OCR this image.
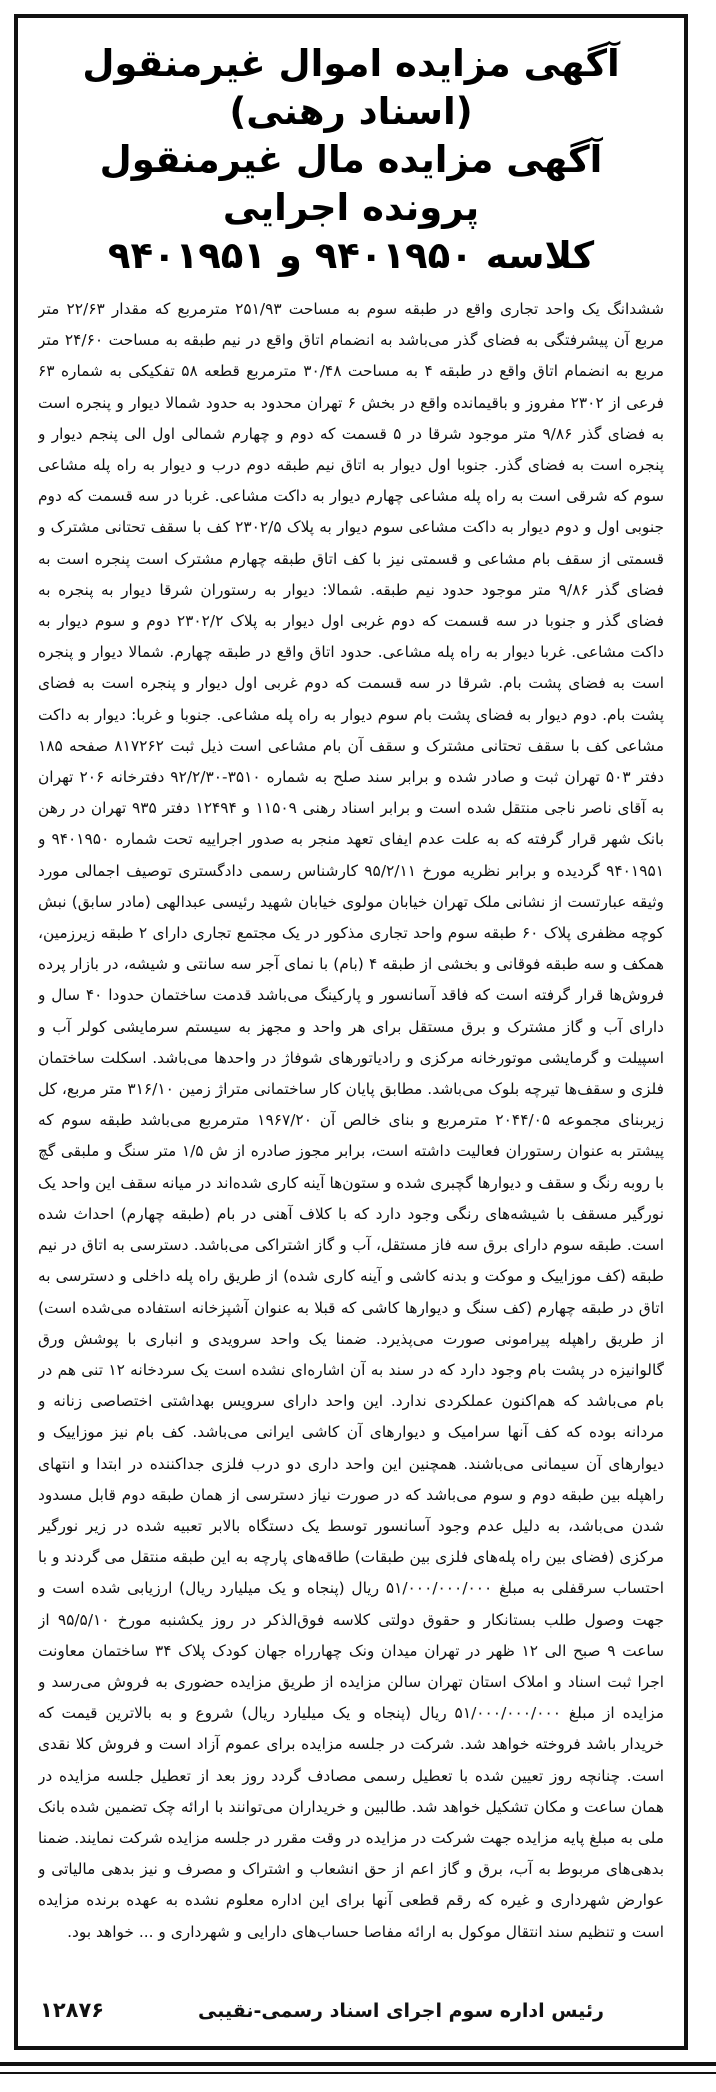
آگهی مزایده اموال غیرمنقول (اسناد رهنی)
آگهی مزایده مال غیرمنقول پرونده اجرایی
کلاسه ۹۴۰۱۹۵۰ و ۹۴۰۱۹۵۱

ششدانگ یک واحد تجاری واقع در طبقه سوم به مساحت ۲۵۱/۹۳ مترمربع که مقدار ۲۲/۶۳ متر مربع آن پیشرفتگی به فضای گذر می‌باشد به انضمام اتاق واقع در نیم طبقه به مساحت ۲۴/۶۰ متر مربع به انضمام اتاق واقع در طبقه ۴ به مساحت ۳۰/۴۸ مترمربع قطعه ۵۸ تفکیکی به شماره ۶۳ فرعی از ۲۳۰۲ مفروز و باقیمانده واقع در بخش ۶ تهران محدود به حدود شمالا دیوار و پنجره است به فضای گذر ۹/۸۶ متر موجود شرقا در ۵ قسمت که دوم و چهارم شمالی اول الی پنجم دیوار و پنجره است به فضای گذر. جنوبا اول دیوار به اتاق نیم طبقه دوم درب و دیوار به راه پله مشاعی سوم که شرقی است به راه پله مشاعی چهارم دیوار به داکت مشاعی. غربا در سه قسمت که دوم جنوبی اول و دوم دیوار به داکت مشاعی سوم دیوار به پلاک ۲۳۰۲/۵ کف با سقف تحتانی مشترک و قسمتی از سقف بام مشاعی و قسمتی نیز با کف اتاق طبقه چهارم مشترک است پنجره است به فضای گذر ۹/۸۶ متر موجود حدود نیم طبقه. شمالا: دیوار به رستوران شرقا دیوار به پنجره به فضای گذر و جنوبا در سه قسمت که دوم غربی اول دیوار به پلاک ۲۳۰۲/۲ دوم و سوم دیوار به داکت مشاعی. غربا دیوار به راه پله مشاعی. حدود اتاق واقع در طبقه چهارم. شمالا دیوار و پنجره است به فضای پشت بام. شرقا در سه قسمت که دوم غربی اول دیوار و پنجره است به فضای پشت بام. دوم دیوار به فضای پشت بام سوم دیوار به راه پله مشاعی. جنوبا و غربا: دیوار به داکت مشاعی کف با سقف تحتانی مشترک و سقف آن بام مشاعی است ذیل ثبت ۸۱۷۲۶۲ صفحه ۱۸۵ دفتر ۵۰۳ تهران ثبت و صادر شده و برابر سند صلح به شماره ۳۵۱۰-۹۲/۲/۳۰ دفترخانه ۲۰۶ تهران به آقای ناصر ناجی منتقل شده است و برابر اسناد رهنی ۱۱۵۰۹ و ۱۲۴۹۴ دفتر ۹۳۵ تهران در رهن بانک شهر قرار گرفته که به علت عدم ایفای تعهد منجر به صدور اجراییه تحت شماره ۹۴۰۱۹۵۰ و ۹۴۰۱۹۵۱ گردیده و برابر نظریه مورخ ۹۵/۲/۱۱ کارشناس رسمی دادگستری توصیف اجمالی مورد وثیقه عبارتست از نشانی ملک تهران خیابان مولوی خیابان شهید رئیسی عبدالهی (مادر سابق) نبش کوچه مظفری پلاک ۶۰ طبقه سوم واحد تجاری مذکور در یک مجتمع تجاری دارای ۲ طبقه زیرزمین، همکف و سه طبقه فوقانی و بخشی از طبقه ۴ (بام) با نمای آجر سه سانتی و شیشه، در بازار پرده فروش‌ها قرار گرفته است که فاقد آسانسور و پارکینگ می‌باشد قدمت ساختمان حدودا ۴۰ سال و دارای آب و گاز مشترک و برق مستقل برای هر واحد و مجهز به سیستم سرمایشی کولر آب و اسپیلت و گرمایشی موتورخانه مرکزی و رادیاتورهای شوفاژ در واحدها می‌باشد. اسکلت ساختمان فلزی و سقف‌ها تیرچه بلوک می‌باشد. مطابق پایان کار ساختمانی متراژ زمین ۳۱۶/۱۰ متر مربع، کل زیربنای مجموعه ۲۰۴۴/۰۵ مترمربع و بنای خالص آن ۱۹۶۷/۲۰ مترمربع می‌باشد طبقه سوم که پیشتر به عنوان رستوران فعالیت داشته است، برابر مجوز صادره از ش ۱/۵ متر سنگ و ملبقی گچ با روبه رنگ و سقف و دیوارها گچبری شده و ستون‌ها آینه کاری شده‌اند در میانه سقف این واحد یک نورگیر مسقف با شیشه‌های رنگی وجود دارد که با کلاف آهنی در بام (طبقه چهارم) احداث شده است. طبقه سوم دارای برق سه فاز مستقل، آب و گاز اشتراکی می‌باشد. دسترسی به اتاق در نیم طبقه (کف موزاییک و موکت و بدنه کاشی و آینه کاری شده) از طریق راه پله داخلی و دسترسی به اتاق در طبقه چهارم (کف سنگ و دیوارها کاشی که قبلا به عنوان آشپزخانه استفاده می‌شده است) از طریق راهپله پیرامونی صورت می‌پذیرد. ضمنا یک واحد سرویدی و انباری با پوشش ورق گالوانیزه در پشت بام وجود دارد که در سند به آن اشاره‌ای نشده است یک سردخانه ۱۲ تنی هم در بام می‌باشد که هم‌اکنون عملکردی ندارد. این واحد دارای سرویس بهداشتی اختصاصی زنانه و مردانه بوده که کف آنها سرامیک و دیوارهای آن کاشی ایرانی می‌باشد. کف بام نیز موزاییک و دیوارهای آن سیمانی می‌باشند. همچنین این واحد داری دو درب فلزی جداکننده در ابتدا و انتهای راهپله بین طبقه دوم و سوم می‌باشد که در صورت نیاز دسترسی از همان طبقه دوم قابل مسدود شدن می‌باشد، به دلیل عدم وجود آسانسور توسط یک دستگاه بالابر تعبیه شده در زیر نورگیر مرکزی (فضای بین راه پله‌های فلزی بین طبقات) طاقه‌های پارچه به این طبقه منتقل می گردند و با احتساب سرقفلی به مبلغ ۵۱/۰۰۰/۰۰۰/۰۰۰ ریال (پنجاه و یک میلیارد ریال) ارزیابی شده است و جهت وصول طلب بستانکار و حقوق دولتی کلاسه فوق‌الذکر در روز یکشنبه مورخ ۹۵/۵/۱۰ از ساعت ۹ صبح الی ۱۲ ظهر در تهران میدان ونک چهارراه جهان کودک پلاک ۳۴ ساختمان معاونت اجرا ثبت اسناد و املاک استان تهران سالن مزایده از طریق مزایده حضوری به فروش می‌رسد و مزایده از مبلغ ۵۱/۰۰۰/۰۰۰/۰۰۰ ریال (پنجاه و یک میلیارد ریال) شروع و به بالاترین قیمت که خریدار باشد فروخته خواهد شد. شرکت در جلسه مزایده برای عموم آزاد است و فروش کلا نقدی است. چنانچه روز تعیین شده با تعطیل رسمی مصادف گردد روز بعد از تعطیل جلسه مزایده در همان ساعت و مکان تشکیل خواهد شد. طالبین و خریداران می‌توانند با ارائه چک تضمین شده بانک ملی به مبلغ پایه مزایده جهت شرکت در مزایده در وقت مقرر در جلسه مزایده شرکت نمایند. ضمنا بدهی‌های مربوط به آب، برق و گاز اعم از حق انشعاب و اشتراک و مصرف و نیز بدهی مالیاتی و عوارض شهرداری و غیره که رقم قطعی آنها برای این اداره معلوم نشده به عهده برنده مزایده است و تنظیم سند انتقال موکول به ارائه مفاصا حساب‌های دارایی و شهرداری و ... خواهد بود.

رئیس اداره سوم اجرای اسناد رسمی-نقیبی
۱۲۸۷۶
